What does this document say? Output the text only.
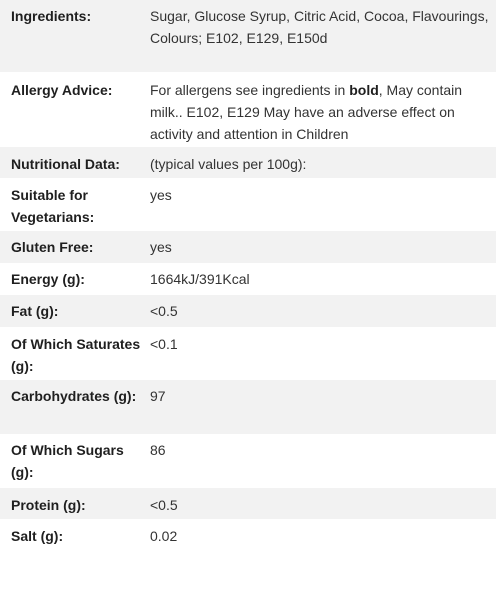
Ingredients:	Sugar, Glucose Syrup, Citric Acid, Cocoa, Flavourings, Colours; E102, E129, E150d
Allergy Advice:	For allergens see ingredients in bold, May contain milk.. E102, E129 May have an adverse effect on activity and attention in Children
Nutritional Data:	(typical values per 100g):
Suitable for Vegetarians:	yes
Gluten Free:	yes
Energy (g):	1664kJ/391Kcal
Fat (g):	<0.5
Of Which Saturates (g):	<0.1
Carbohydrates (g):	97
Of Which Sugars (g):	86
Protein (g):	<0.5
Salt (g):	0.02
